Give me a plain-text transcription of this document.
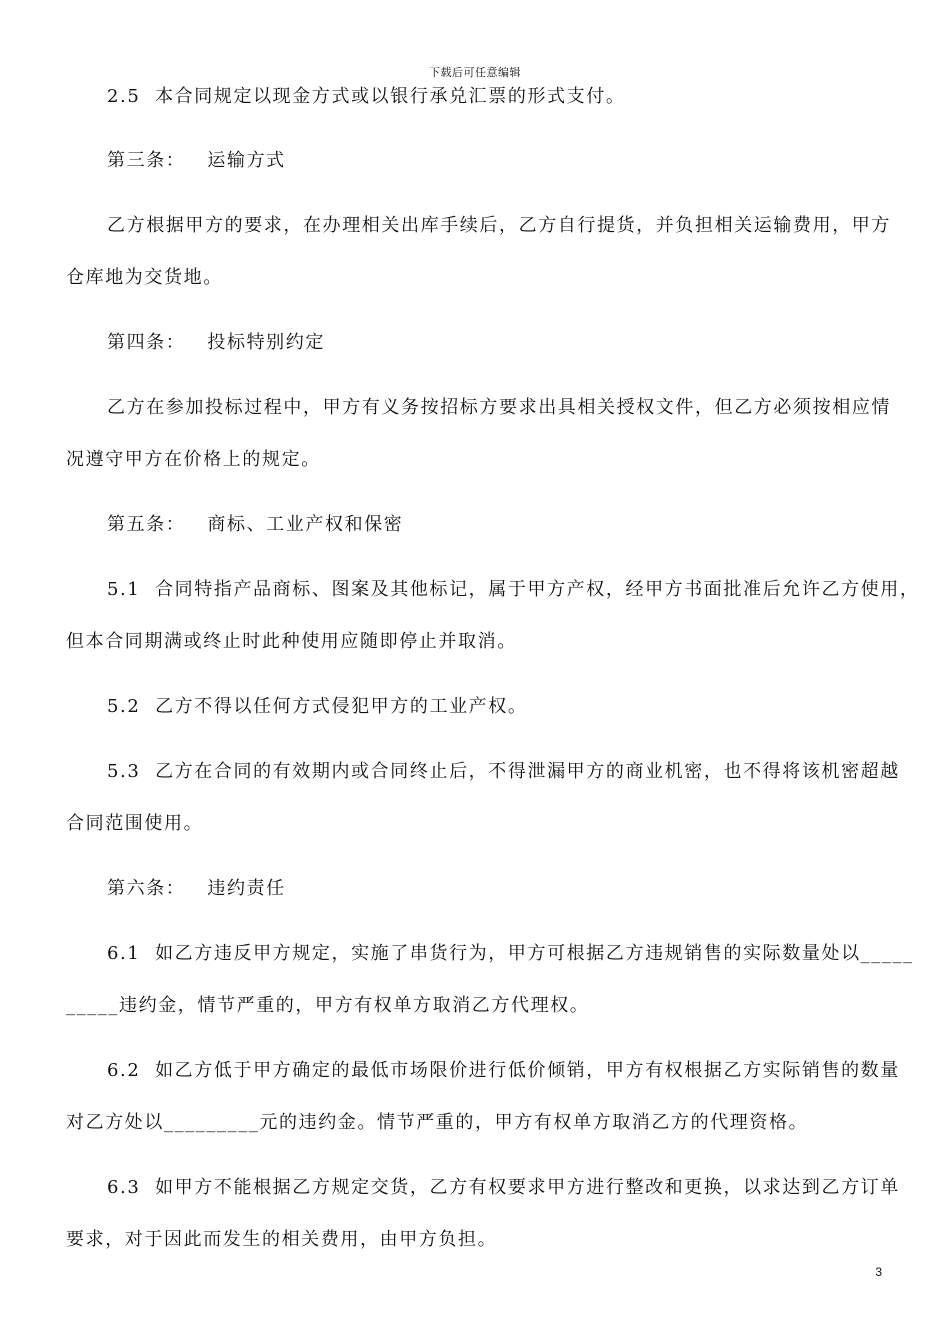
下载后可任意编辑
2.5  本合同规定以现金方式或以银行承兑汇票的形式支付。
第三条：   运输方式
乙方根据甲方的要求，在办理相关出库手续后，乙方自行提货，并负担相关运输费用，甲方
仓库地为交货地。
第四条：   投标特别约定
乙方在参加投标过程中，甲方有义务按招标方要求出具相关授权文件，但乙方必须按相应情
况遵守甲方在价格上的规定。
第五条：   商标、工业产权和保密
5.1  合同特指产品商标、图案及其他标记，属于甲方产权，经甲方书面批准后允许乙方使用，
但本合同期满或终止时此种使用应随即停止并取消。
5.2  乙方不得以任何方式侵犯甲方的工业产权。
5.3  乙方在合同的有效期内或合同终止后，不得泄漏甲方的商业机密，也不得将该机密超越
合同范围使用。
第六条：   违约责任
6.1  如乙方违反甲方规定，实施了串货行为，甲方可根据乙方违规销售的实际数量处以_____
_____违约金，情节严重的，甲方有权单方取消乙方代理权。
6.2  如乙方低于甲方确定的最低市场限价进行低价倾销，甲方有权根据乙方实际销售的数量
对乙方处以_________元的违约金。情节严重的，甲方有权单方取消乙方的代理资格。
6.3  如甲方不能根据乙方规定交货，乙方有权要求甲方进行整改和更换，以求达到乙方订单
要求，对于因此而发生的相关费用，由甲方负担。
3
